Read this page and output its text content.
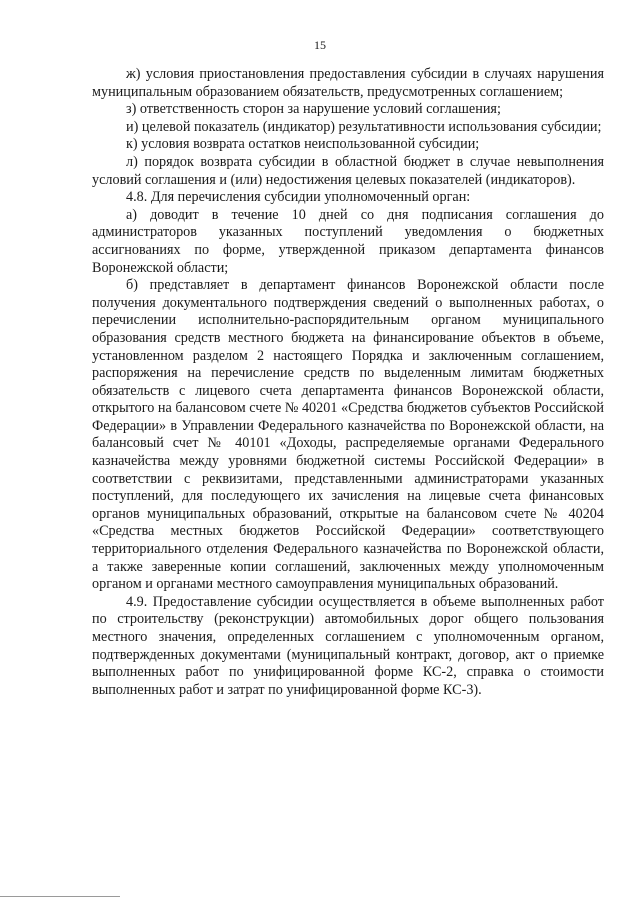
15

ж) условия приостановления предоставления субсидии в случаях нарушения муниципальным образованием обязательств, предусмотренных соглашением;

з) ответственность сторон за нарушение условий соглашения;

и) целевой показатель (индикатор) результативности использования субсидии;

к) условия возврата остатков неиспользованной субсидии;

л) порядок возврата субсидии в областной бюджет в случае невыполнения условий соглашения и (или) недостижения целевых показателей (индикаторов).

4.8. Для перечисления субсидии уполномоченный орган:

а) доводит в течение 10 дней со дня подписания соглашения до администраторов указанных поступлений уведомления о бюджетных ассигнованиях по форме, утвержденной приказом департамента финансов Воронежской области;

б) представляет в департамент финансов Воронежской области после получения документального подтверждения сведений о выполненных работах, о перечислении исполнительно-распорядительным органом муниципального образования средств местного бюджета на финансирование объектов в объеме, установленном разделом 2 настоящего Порядка и заключенным соглашением, распоряжения на перечисление средств по выделенным лимитам бюджетных обязательств с лицевого счета департамента финансов Воронежской области, открытого на балансовом счете № 40201 «Средства бюджетов субъектов Российской Федерации» в Управлении Федерального казначейства по Воронежской области, на балансовый счет № 40101 «Доходы, распределяемые органами Федерального казначейства между уровнями бюджетной системы Российской Федерации» в соответствии с реквизитами, представленными администраторами указанных поступлений, для последующего их зачисления на лицевые счета финансовых органов муниципальных образований, открытые на балансовом счете № 40204 «Средства местных бюджетов Российской Федерации» соответствующего территориального отделения Федерального казначейства по Воронежской области, а также заверенные копии соглашений, заключенных между уполномоченным органом и органами местного самоуправления муниципальных образований.

4.9. Предоставление субсидии осуществляется в объеме выполненных работ по строительству (реконструкции) автомобильных дорог общего пользования местного значения, определенных соглашением с уполномоченным органом, подтвержденных документами (муниципальный контракт, договор, акт о приемке выполненных работ по унифицированной форме КС-2, справка о стоимости выполненных работ и затрат по унифицированной форме КС-3).
